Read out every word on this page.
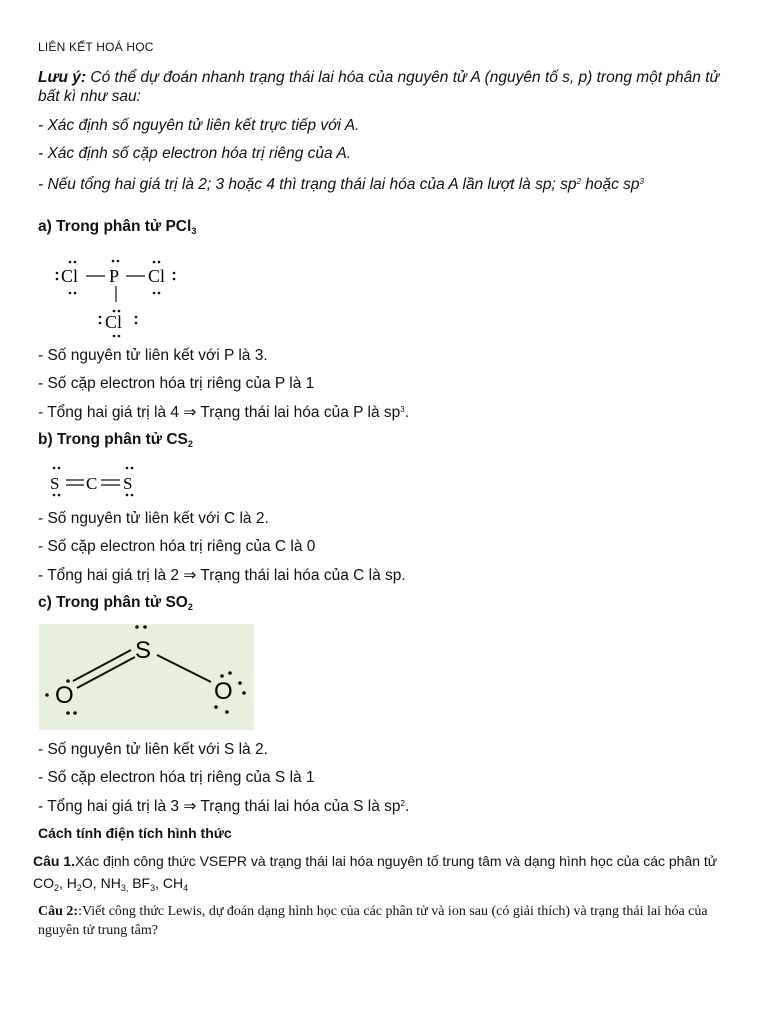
LIÊN KẾT HOÁ HỌC
Lưu ý: Có thể dự đoán nhanh trạng thái lai hóa của nguyên tử A (nguyên tố s, p) trong một phân tử bất kì như sau:
- Xác định số nguyên tử liên kết trực tiếp với A.
- Xác định số cặp electron hóa trị riêng của A.
- Nếu tổng hai giá trị là 2; 3 hoặc 4 thì trạng thái lai hóa của A lần lượt là sp; $sp^2$ hoặc $sp^3$
a) Trong phân tử PCl$_3$
Cl P Cl
Cl
- Số nguyên tử liên kết với P là 3.
- Số cặp electron hóa trị riêng của P là 1
- Tổng hai giá trị là 4 ⇒ Trạng thái lai hóa của P là $sp^3$.
b) Trong phân tử $CS_2$
S C S
- Số nguyên tử liên kết với C là 2.
- Số cặp electron hóa trị riêng của C là 0
- Tổng hai giá trị là 2 ⇒ Trạng thái lai hóa của C là sp.
c) Trong phân tử $SO_2$
S
O	O
- Số nguyên tử liên kết với S là 2.
- Số cặp electron hóa trị riêng của S là 1
- Tổng hai giá trị là 3 ⇒ Trạng thái lai hóa của S là $sp^2$.
Cách tính điện tích hình thức
Câu 1.Xác định công thức VSEPR và trạng thái lai hóa nguyên tố trung tâm và dạng hình học của các phân tử $CO_2$, $H_2O$, $NH_{3,}$ $BF_3$, $CH_4$
Câu 2::Viết công thức Lewis, dự đoán dạng hình học của các phân tử và ion sau (có giải thích) và trạng thái lai hóa của nguyên tử trung tâm?
